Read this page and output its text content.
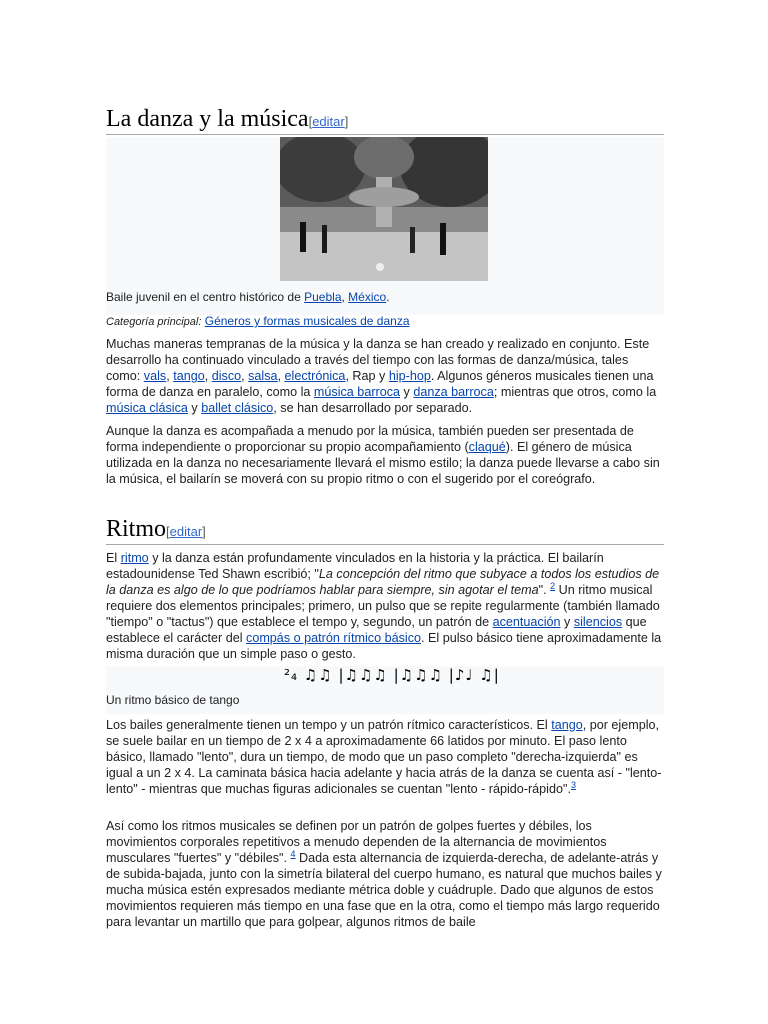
La danza y la música[editar]
Baile juvenil en el centro histórico de Puebla, México.
Categoría principal: Géneros y formas musicales de danza

Muchas maneras tempranas de la música y la danza se han creado y realizado en conjunto. Este desarrollo ha continuado vinculado a través del tiempo con las formas de danza/música, tales como: vals, tango, disco, salsa, electrónica, Rap y hip-hop. Algunos géneros musicales tienen una forma de danza en paralelo, como la música barroca y danza barroca; mientras que otros, como la música clásica y ballet clásico, se han desarrollado por separado.

Aunque la danza es acompañada a menudo por la música, también pueden ser presentada de forma independiente o proporcionar su propio acompañamiento (claqué). El género de música utilizada en la danza no necesariamente llevará el mismo estilo; la danza puede llevarse a cabo sin la música, el bailarín se moverá con su propio ritmo o con el sugerido por el coreógrafo.

Ritmo[editar]

El ritmo y la danza están profundamente vinculados en la historia y la práctica. El bailarín estadounidense Ted Shawn escribió; "La concepción del ritmo que subyace a todos los estudios de la danza es algo de lo que podríamos hablar para siempre, sin agotar el tema". $^2$ Un ritmo musical requiere dos elementos principales; primero, un pulso que se repite regularmente (también llamado "tiempo" o "tactus") que establece el tempo y, segundo, un patrón de acentuación y silencios que establece el carácter del compás o patrón rítmico básico. El pulso básico tiene aproximadamente la misma duración que un simple paso o gesto.

²₄ ♫♫ |♫♫♫ |♫♫♫ |♪♩ ♫|
Un ritmo básico de tango

Los bailes generalmente tienen un tempo y un patrón rítmico característicos. El tango, por ejemplo, se suele bailar en un tiempo de 2 x 4 a aproximadamente 66 latidos por minuto. El paso lento básico, llamado "lento", dura un tiempo, de modo que un paso completo "derecha-izquierda" es igual a un 2 x 4. La caminata básica hacia adelante y hacia atrás de la danza se cuenta así - "lento-lento" - mientras que muchas figuras adicionales se cuentan "lento - rápido-rápido".$^3$

Así como los ritmos musicales se definen por un patrón de golpes fuertes y débiles, los movimientos corporales repetitivos a menudo dependen de la alternancia de movimientos musculares "fuertes" y "débiles". $^4$ Dada esta alternancia de izquierda-derecha, de adelante-atrás y de subida-bajada, junto con la simetría bilateral del cuerpo humano, es natural que muchos bailes y mucha música estén expresados mediante métrica doble y cuádruple. Dado que algunos de estos movimientos requieren más tiempo en una fase que en la otra, como el tiempo más largo requerido para levantar un martillo que para golpear, algunos ritmos de baile
